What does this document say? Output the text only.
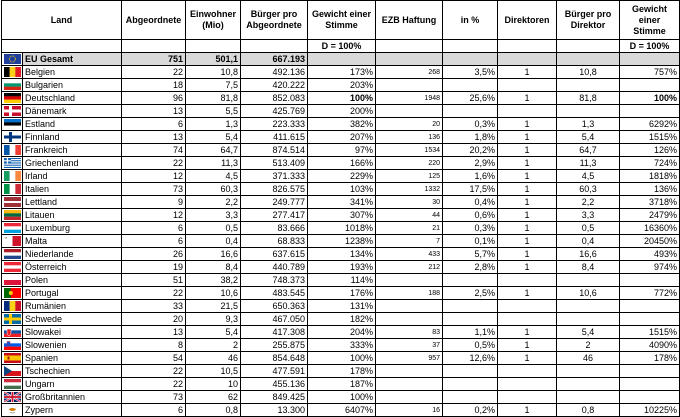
Land		Abgeordnete	Einwohner (Mio)	Bürger pro Abgeordnete	Gewicht einer Stimme	EZB Haftung	in %	Direktoren	Bürger pro Direktor	Gewicht einer Stimme
					D = 100%					D = 100%

	EU Gesamt	751	501,1	667.193						

	Belgien	22	10,8	492.136	173%	268	3,5%	1	10,8	757%

	Bulgarien	18	7,5	420.222	203%					

	Deutschland	96	81,8	852.083	100%	1948	25,6%	1	81,8	100%

	Dänemark	13	5,5	425.769	200%					

	Estland	6	1,3	223.333	382%	20	0,3%	1	1,3	6292%

	Finnland	13	5,4	411.615	207%	136	1,8%	1	5,4	1515%

	Frankreich	74	64,7	874.514	97%	1534	20,2%	1	64,7	126%

	Griechenland	22	11,3	513.409	166%	220	2,9%	1	11,3	724%

	Irland	12	4,5	371.333	229%	125	1,6%	1	4,5	1818%

	Italien	73	60,3	826.575	103%	1332	17,5%	1	60,3	136%

	Lettland	9	2,2	249.777	341%	30	0,4%	1	2,2	3718%

	Litauen	12	3,3	277.417	307%	44	0,6%	1	3,3	2479%

	Luxemburg	6	0,5	83.666	1018%	21	0,3%	1	0,5	16360%

	Malta	6	0,4	68.833	1238%	7	0,1%	1	0,4	20450%

	Niederlande	26	16,6	637.615	134%	433	5,7%	1	16,6	493%

	Österreich	19	8,4	440.789	193%	212	2,8%	1	8,4	974%

	Polen	51	38,2	748.373	114%					

	Portugal	22	10,6	483.545	176%	188	2,5%	1	10,6	772%

	Rumänien	33	21,5	650.363	131%					

	Schwede	20	9,3	467.050	182%					

	Slowakei	13	5,4	417.308	204%	83	1,1%	1	5,4	1515%

	Slowenien	8	2	255.875	333%	37	0,5%	1	2	4090%

	Spanien	54	46	854.648	100%	957	12,6%	1	46	178%

	Tschechien	22	10,5	477.591	178%					

	Ungarn	22	10	455.136	187%					

	Großbritannien	73	62	849.425	100%					

	Zypern	6	0,8	13.300	6407%	16	0,2%	1	0,8	10225%
